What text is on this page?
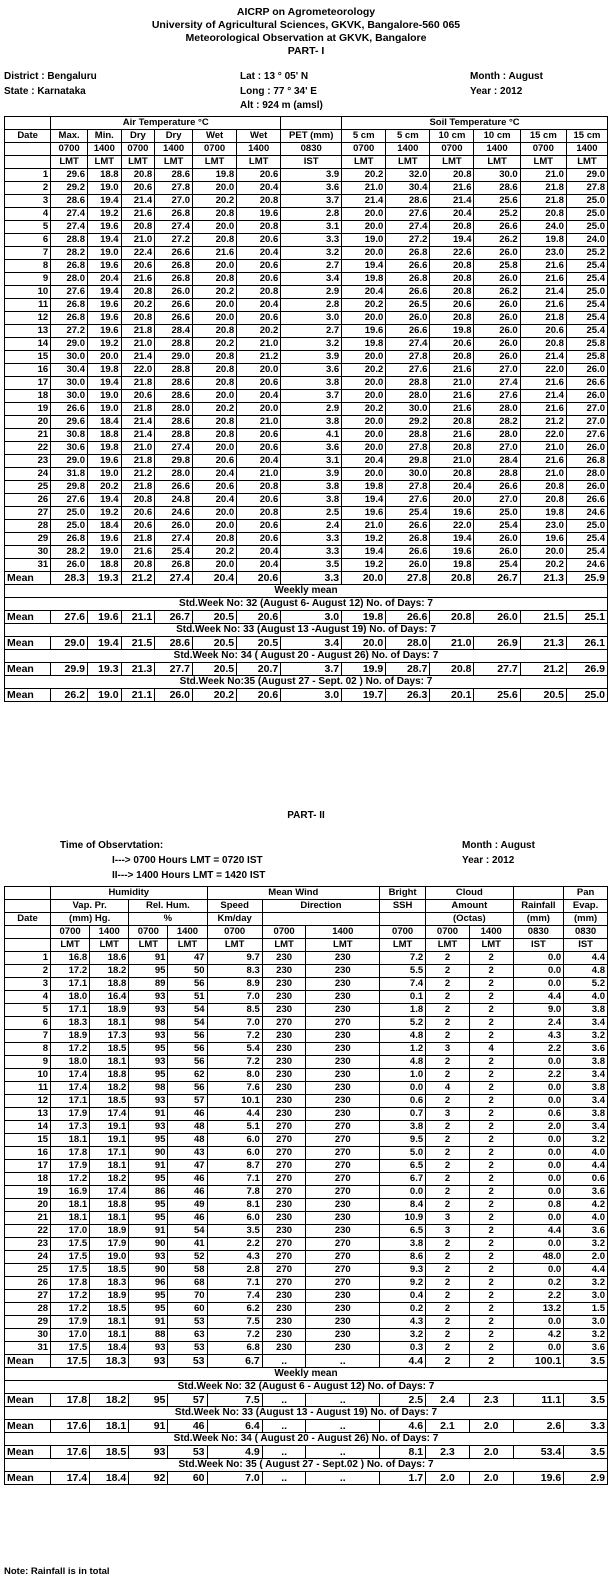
AICRP on Agrometeorology
University of Agricultural Sciences, GKVK, Bangalore-560 065
Meteorological Observation at GKVK, Bangalore
PART- I
District : Bengaluru
State : Karnataka
Lat : 13 ° 05' N
Long : 77 ° 34' E
Alt : 924 m (amsl)
Month : August
Year : 2012
	Air Temperature °C							Soil Temperature °C					
Date	Max.	Min.	Dry	Dry	Wet	Wet	PET (mm)	5 cm	5 cm	10 cm	10 cm	15 cm	15 cm
	0700	1400	0700	1400	0700	1400	0830	0700	1400	0700	1400	0700	1400
	LMT	LMT	LMT	LMT	LMT	LMT	IST	LMT	LMT	LMT	LMT	LMT	LMT
1	29.6	18.8	20.8	28.6	19.8	20.6	3.9	20.2	32.0	20.8	30.0	21.0	29.0
2	29.2	19.0	20.6	27.8	20.0	20.4	3.6	21.0	30.4	21.6	28.6	21.8	27.8
3	28.6	19.4	21.4	27.0	20.2	20.8	3.7	21.4	28.6	21.4	25.6	21.8	25.0
4	27.4	19.2	21.6	26.8	20.8	19.6	2.8	20.0	27.6	20.4	25.2	20.8	25.0
5	27.4	19.6	20.8	27.4	20.0	20.8	3.1	20.0	27.4	20.8	26.6	24.0	25.0
6	28.8	19.4	21.0	27.2	20.8	20.6	3.3	19.0	27.2	19.4	26.2	19.8	24.0
7	28.2	19.0	22.4	26.6	21.6	20.4	3.2	20.0	26.8	22.6	26.0	23.0	25.2
8	26.8	19.6	20.6	26.8	20.0	20.6	2.7	19.4	26.6	20.8	25.8	21.6	25.4
9	28.0	20.4	21.6	26.8	20.8	20.6	3.4	19.8	26.8	20.8	26.0	21.6	25.4
10	27.6	19.4	20.8	26.0	20.2	20.8	2.9	20.4	26.6	20.8	26.2	21.4	25.0
11	26.8	19.6	20.2	26.6	20.0	20.4	2.8	20.2	26.5	20.6	26.0	21.6	25.4
12	26.8	19.6	20.8	26.6	20.0	20.6	3.0	20.0	26.0	20.8	26.0	21.8	25.4
13	27.2	19.6	21.8	28.4	20.8	20.2	2.7	19.6	26.6	19.8	26.0	20.6	25.4
14	29.0	19.2	21.0	28.8	20.2	21.0	3.2	19.8	27.4	20.6	26.0	20.8	25.8
15	30.0	20.0	21.4	29.0	20.8	21.2	3.9	20.0	27.8	20.8	26.0	21.4	25.8
16	30.4	19.8	22.0	28.8	20.8	20.0	3.6	20.2	27.6	21.6	27.0	22.0	26.0
17	30.0	19.4	21.8	28.6	20.8	20.6	3.8	20.0	28.8	21.0	27.4	21.6	26.6
18	30.0	19.0	20.6	28.6	20.0	20.4	3.7	20.0	28.0	21.6	27.6	21.4	26.0
19	26.6	19.0	21.8	28.0	20.2	20.0	2.9	20.2	30.0	21.6	28.0	21.6	27.0
20	29.6	18.4	21.4	28.6	20.8	21.0	3.8	20.0	29.2	20.8	28.2	21.2	27.0
21	30.8	18.8	21.4	28.8	20.8	20.6	4.1	20.0	28.8	21.6	28.0	22.0	27.6
22	30.6	19.8	21.0	27.4	20.0	20.6	3.6	20.0	27.8	20.8	27.0	21.0	26.0
23	29.0	19.6	21.8	29.8	20.6	20.4	3.1	20.4	29.8	21.0	28.4	21.6	26.8
24	31.8	19.0	21.2	28.0	20.4	21.0	3.9	20.0	30.0	20.8	28.8	21.0	28.0
25	29.8	20.2	21.8	26.6	20.6	20.8	3.8	19.8	27.8	20.4	26.6	20.8	26.0
26	27.6	19.4	20.8	24.8	20.4	20.6	3.8	19.4	27.6	20.0	27.0	20.8	26.6
27	25.0	19.2	20.6	24.6	20.0	20.8	2.5	19.6	25.4	19.6	25.0	19.8	24.6
28	25.0	18.4	20.6	26.0	20.0	20.6	2.4	21.0	26.6	22.0	25.4	23.0	25.0
29	26.8	19.6	21.8	27.4	20.8	20.6	3.3	19.2	26.8	19.4	26.0	19.6	25.4
30	28.2	19.0	21.6	25.4	20.2	20.4	3.3	19.4	26.6	19.6	26.0	20.0	25.4
31	26.0	18.8	20.8	26.8	20.0	20.4	3.5	19.2	26.0	19.8	25.4	20.2	24.6
Mean	28.3	19.3	21.2	27.4	20.4	20.6	3.3	20.0	27.8	20.8	26.7	21.3	25.9
Weekly mean													
Std.Week No: 32 (August 6- August 12) No. of Days: 7													
Mean	27.6	19.6	21.1	26.7	20.5	20.6	3.0	19.8	26.6	20.8	26.0	21.5	25.1
Std.Week No: 33 (August 13 -August 19) No. of Days: 7													
Mean	29.0	19.4	21.5	28.6	20.5	20.5	3.4	20.0	28.0	21.0	26.9	21.3	26.1
Std.Week No: 34 ( August 20 - August 26) No. of Days: 7													
Mean	29.9	19.3	21.3	27.7	20.5	20.7	3.7	19.9	28.7	20.8	27.7	21.2	26.9
Std.Week No:35 (August 27 - Sept. 02 ) No. of Days: 7													
Mean	26.2	19.0	21.1	26.0	20.2	20.6	3.0	19.7	26.3	20.1	25.6	20.5	25.0
PART- II
Time of Observtation:
I---> 0700 Hours LMT = 0720 IST
II---> 1400 Hours LMT = 1420 IST
Month : August
Year : 2012
	Humidity				Mean Wind			Bright	Cloud			Pan
	Vap. Pr.		Rel. Hum.		Speed	Direction		SSH	Amount		Rainfall	Evap.
Date	(mm) Hg.		%		Km/day				(Octas)		(mm)	(mm)
	0700	1400	0700	1400	0700	0700	1400	0700	0700	1400	0830	0830
	LMT	LMT	LMT	LMT	LMT	LMT	LMT	LMT	LMT	LMT	IST	IST
1	16.8	18.6	91	47	9.7	230	230	7.2	2	2	0.0	4.4
2	17.2	18.2	95	50	8.3	230	230	5.5	2	2	0.0	4.8
3	17.1	18.8	89	56	8.9	230	230	7.4	2	2	0.0	5.2
4	18.0	16.4	93	51	7.0	230	230	0.1	2	2	4.4	4.0
5	17.1	18.9	93	54	8.5	230	230	1.8	2	2	9.0	3.8
6	18.3	18.1	98	54	7.0	270	270	5.2	2	2	2.4	3.4
7	18.9	17.3	93	56	7.2	230	230	4.8	2	2	4.3	3.2
8	17.2	18.5	95	56	5.4	230	230	1.2	3	4	2.2	3.6
9	18.0	18.1	93	56	7.2	230	230	4.8	2	2	0.0	3.8
10	17.4	18.8	95	62	8.0	230	230	1.0	2	2	2.2	3.4
11	17.4	18.2	98	56	7.6	230	230	0.0	4	2	0.0	3.8
12	17.1	18.5	93	57	10.1	230	230	0.6	2	2	0.0	3.4
13	17.9	17.4	91	46	4.4	230	230	0.7	3	2	0.6	3.8
14	17.3	19.1	93	48	5.1	270	270	3.8	2	2	2.0	3.4
15	18.1	19.1	95	48	6.0	270	270	9.5	2	2	0.0	3.2
16	17.8	17.1	90	43	6.0	270	270	5.0	2	2	0.0	4.0
17	17.9	18.1	91	47	8.7	270	270	6.5	2	2	0.0	4.4
18	17.2	18.2	95	46	7.1	270	270	6.7	2	2	0.0	0.6
19	16.9	17.4	86	46	7.8	270	270	0.0	2	2	0.0	3.6
20	18.1	18.8	95	49	8.1	230	230	8.4	2	2	0.8	4.2
21	18.1	18.1	95	46	6.0	230	230	10.9	3	2	0.0	4.0
22	17.0	18.9	91	54	3.5	230	230	6.5	3	2	4.4	3.6
23	17.5	17.9	90	41	2.2	270	270	3.8	2	2	0.0	3.2
24	17.5	19.0	93	52	4.3	270	270	8.6	2	2	48.0	2.0
25	17.5	18.5	90	58	2.8	270	270	9.3	2	2	0.0	4.4
26	17.8	18.3	96	68	7.1	270	270	9.2	2	2	0.2	3.2
27	17.2	18.9	95	70	7.4	230	230	0.4	2	2	2.2	3.0
28	17.2	18.5	95	60	6.2	230	230	0.2	2	2	13.2	1.5
29	17.9	18.1	91	53	7.5	230	230	4.3	2	2	0.0	3.0
30	17.0	18.1	88	63	7.2	230	230	3.2	2	2	4.2	3.2
31	17.5	18.4	93	53	6.8	230	230	0.3	2	2	0.0	3.6
Mean	17.5	18.3	93	53	6.7	..	..	4.4	2	2	100.1	3.5
Weekly mean												
Std.Week No: 32 (August 6 - August 12) No. of Days: 7												
Mean	17.8	18.2	95	57	7.5	..	..	2.5	2.4	2.3	11.1	3.5
Std.Week No: 33 (August 13 - August 19) No. of Days: 7												
Mean	17.6	18.1	91	46	6.4	..	..	4.6	2.1	2.0	2.6	3.3
Std.Week No: 34 ( August 20 - August 26) No. of Days: 7												
Mean	17.6	18.5	93	53	4.9	..	..	8.1	2.3	2.0	53.4	3.5
Std.Week No: 35 ( August 27 - Sept.02 ) No. of Days: 7												
Mean	17.4	18.4	92	60	7.0	..	..	1.7	2.0	2.0	19.6	2.9
Note: Rainfall is in total
